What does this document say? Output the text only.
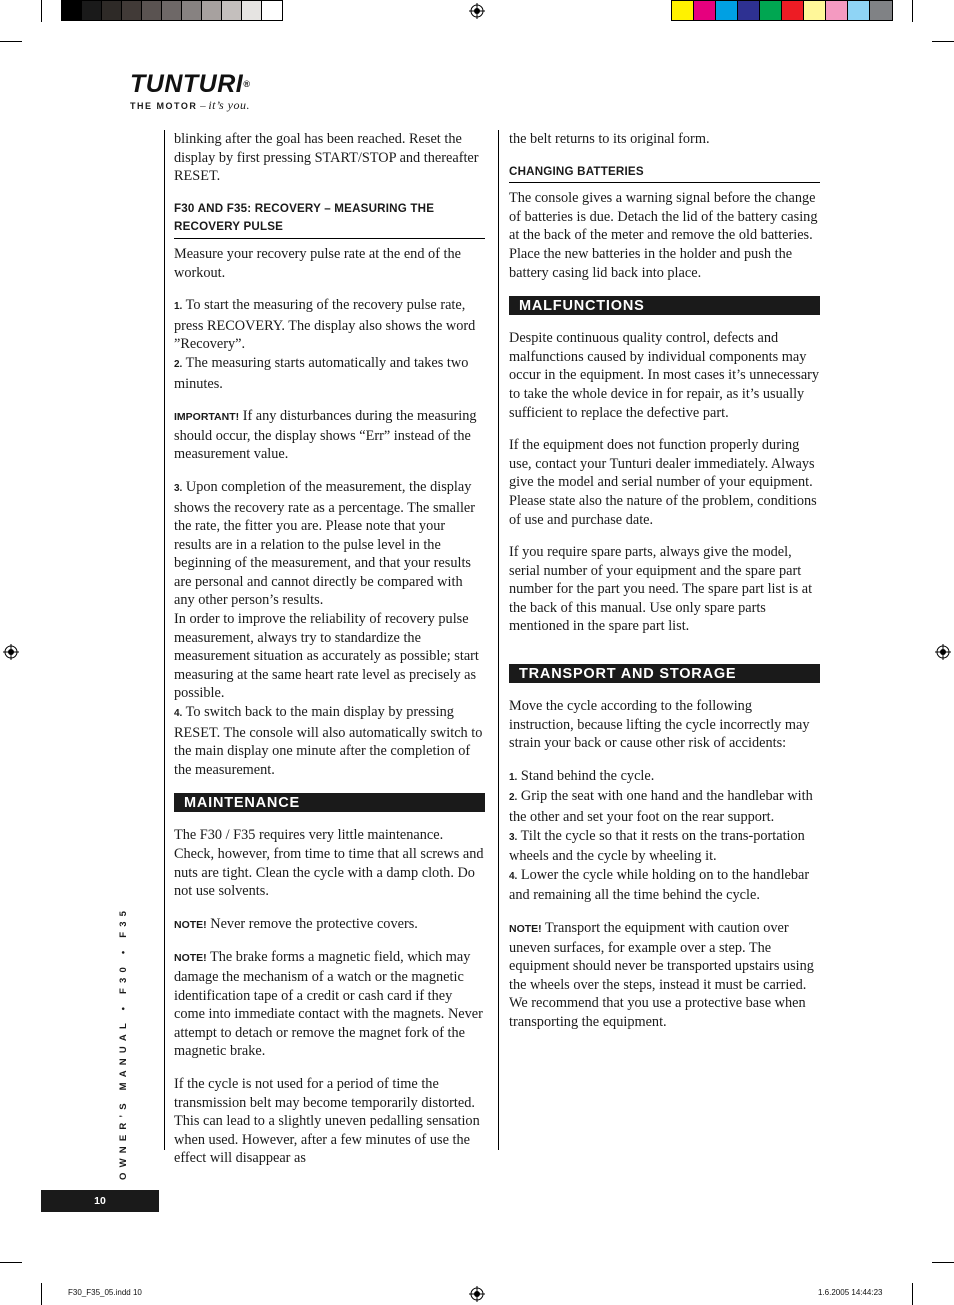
TUNTURI®
THE MOTOR – it’s you.

blinking after the goal has been reached. Reset the display by first pressing START/STOP and thereafter RESET.

F30 AND F35: RECOVERY – MEASURING THE RECOVERY PULSE

Measure your recovery pulse rate at the end of the workout.

1. To start the measuring of the recovery pulse rate, press RECOVERY. The display also shows the word ”Recovery”.

2. The measuring starts automatically and takes two minutes.

IMPORTANT! If any disturbances during the measuring should occur, the display shows “Err” instead of the measurement value.

3. Upon completion of the measurement, the display shows the recovery rate as a percentage. The smaller the rate, the fitter you are. Please note that your results are in a relation to the pulse level in the beginning of the measurement, and that your results are personal and cannot directly be compared with any other person’s results.

In order to improve the reliability of recovery pulse measurement, always try to standardize the measurement situation as accurately as possible; start measuring at the same heart rate level as precisely as possible.

4. To switch back to the main display by pressing RESET. The console will also automatically switch to the main display one minute after the completion of the measurement.

MAINTENANCE

The F30 / F35 requires very little maintenance. Check, however, from time to time that all screws and nuts are tight. Clean the cycle with a damp cloth. Do not use solvents.

NOTE! Never remove the protective covers.

NOTE! The brake forms a magnetic field, which may damage the mechanism of a watch or the magnetic identification tape of a credit or cash card if they come into immediate contact with the magnets. Never attempt to detach or remove the magnet fork of the magnetic brake.

If the cycle is not used for a period of time the transmission belt may become temporarily distorted. This can lead to a slightly uneven pedalling sensation when used. However, after a few minutes of use the effect will disappear as

the belt returns to its original form.

CHANGING BATTERIES

The console gives a warning signal before the change of batteries is due. Detach the lid of the battery casing at the back of the meter and remove the old batteries. Place the new batteries in the holder and push the battery casing lid back into place.

MALFUNCTIONS

Despite continuous quality control, defects and malfunctions caused by individual components may occur in the equipment. In most cases it’s unnecessary to take the whole device in for repair, as it’s usually sufficient to replace the defective part.

If the equipment does not function properly during use, contact your Tunturi dealer immediately. Always give the model and serial number of your equipment. Please state also the nature of the problem, conditions of use and purchase date.

If you require spare parts, always give the model, serial number of your equipment and the spare part number for the part you need. The spare part list is at the back of this manual. Use only spare parts mentioned in the spare part list.

TRANSPORT AND STORAGE

Move the cycle according to the following instruction, because lifting the cycle incorrectly may strain your back or cause other risk of accidents:

1. Stand behind the cycle.

2. Grip the seat with one hand and the handlebar with the other and set your foot on the rear support.

3. Tilt the cycle so that it rests on the trans-portation wheels and the cycle by wheeling it.

4. Lower the cycle while holding on to the handlebar and remaining all the time behind the cycle.

NOTE! Transport the equipment with caution over uneven surfaces, for example over a step. The equipment should never be transported upstairs using the wheels over the steps, instead it must be carried. We recommend that you use a protective base when transporting the equipment.

OWNER’S MANUAL • F30 • F35
10
F30_F35_05.indd 10	1.6.2005 14:44:23
